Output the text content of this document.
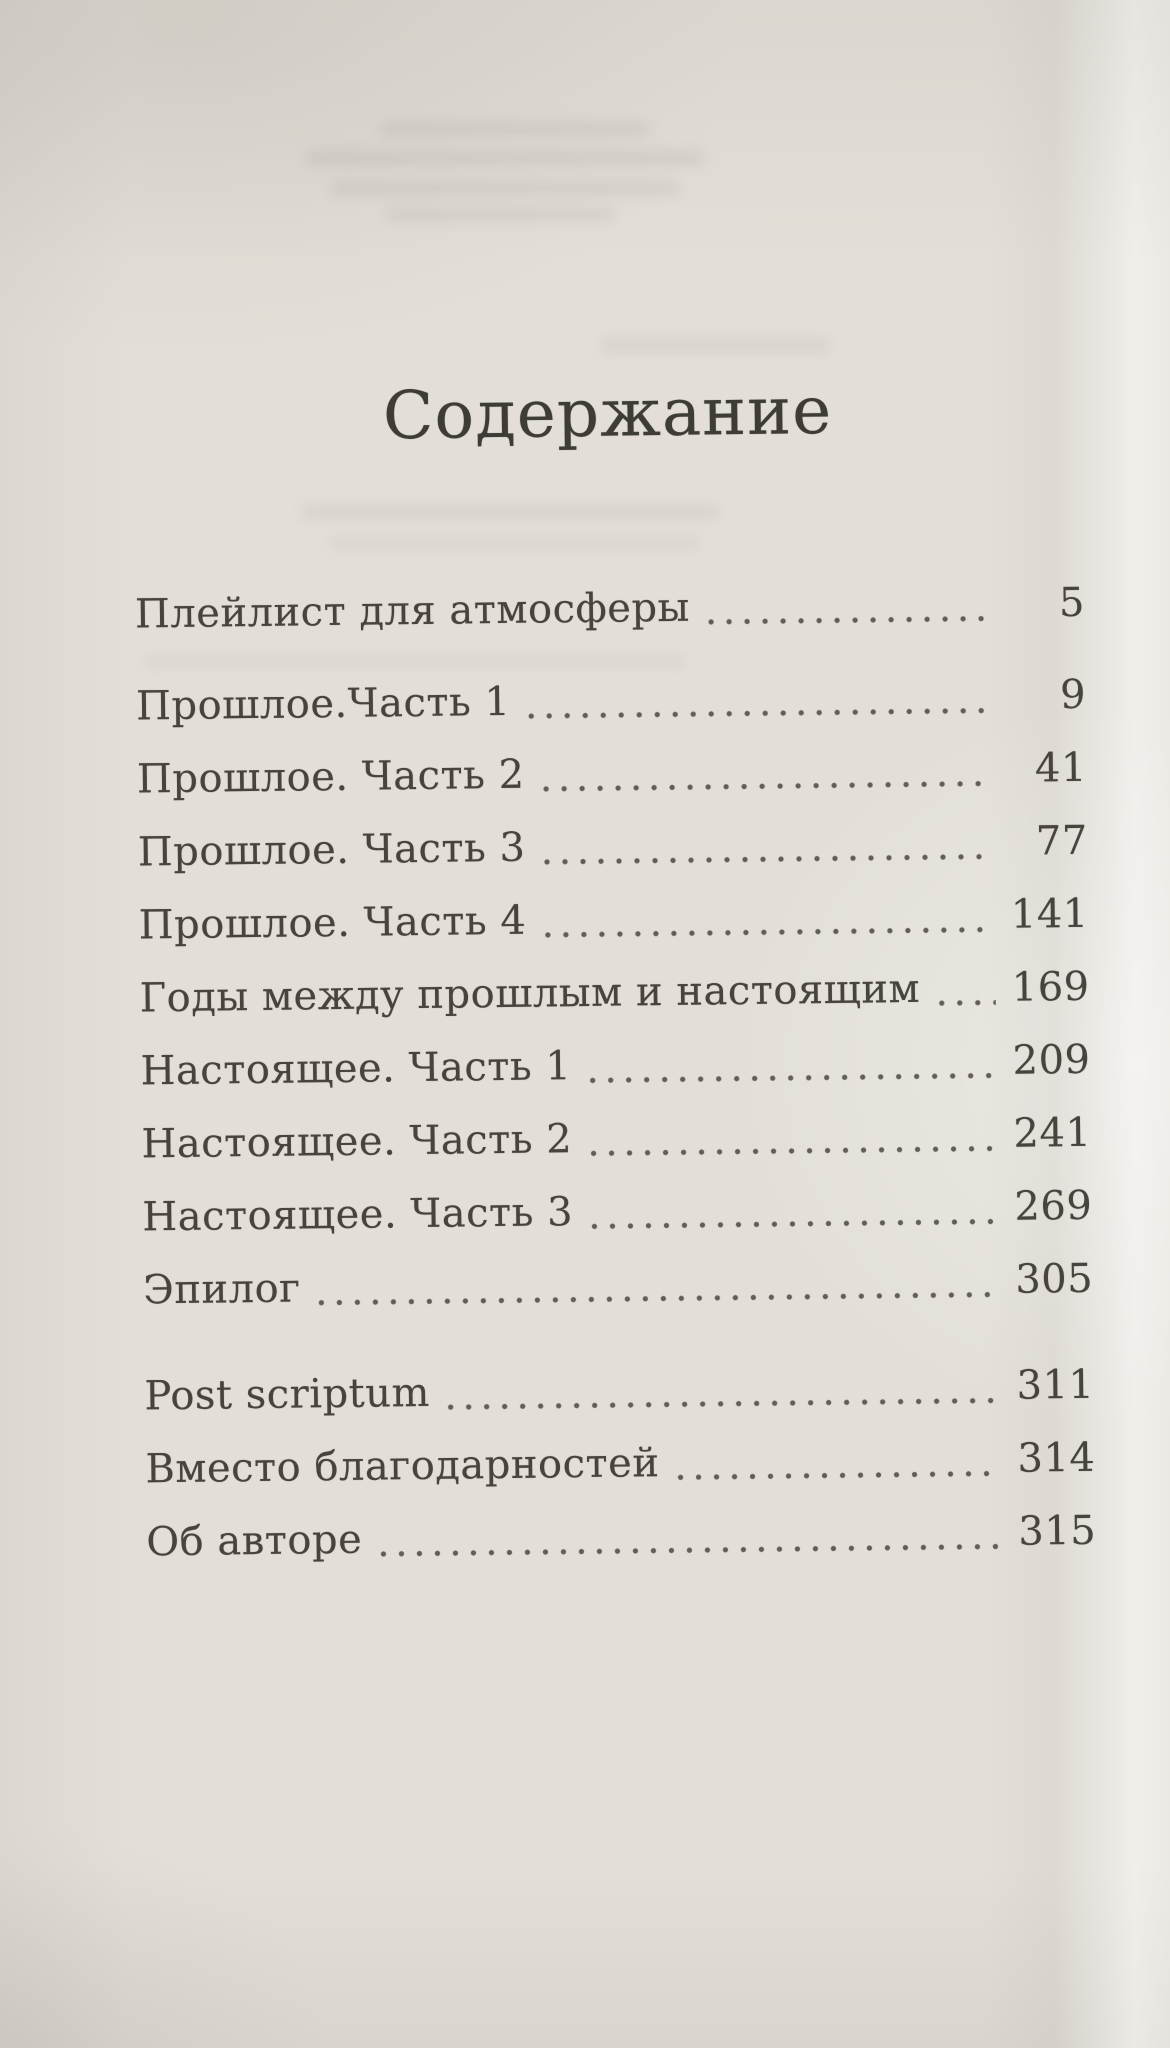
Содержание
Плейлист для атмосферы	5
Прошлое.Часть 1	9
Прошлое. Часть 2	41
Прошлое. Часть 3	77
Прошлое. Часть 4	141
Годы между прошлым и настоящим 169
Настоящее. Часть 1	209
Настоящее. Часть 2	241
Настоящее. Часть 3	269
Эпилог	305
Post scriptum	311
Вместо благодарностей	314
Об авторе	315
